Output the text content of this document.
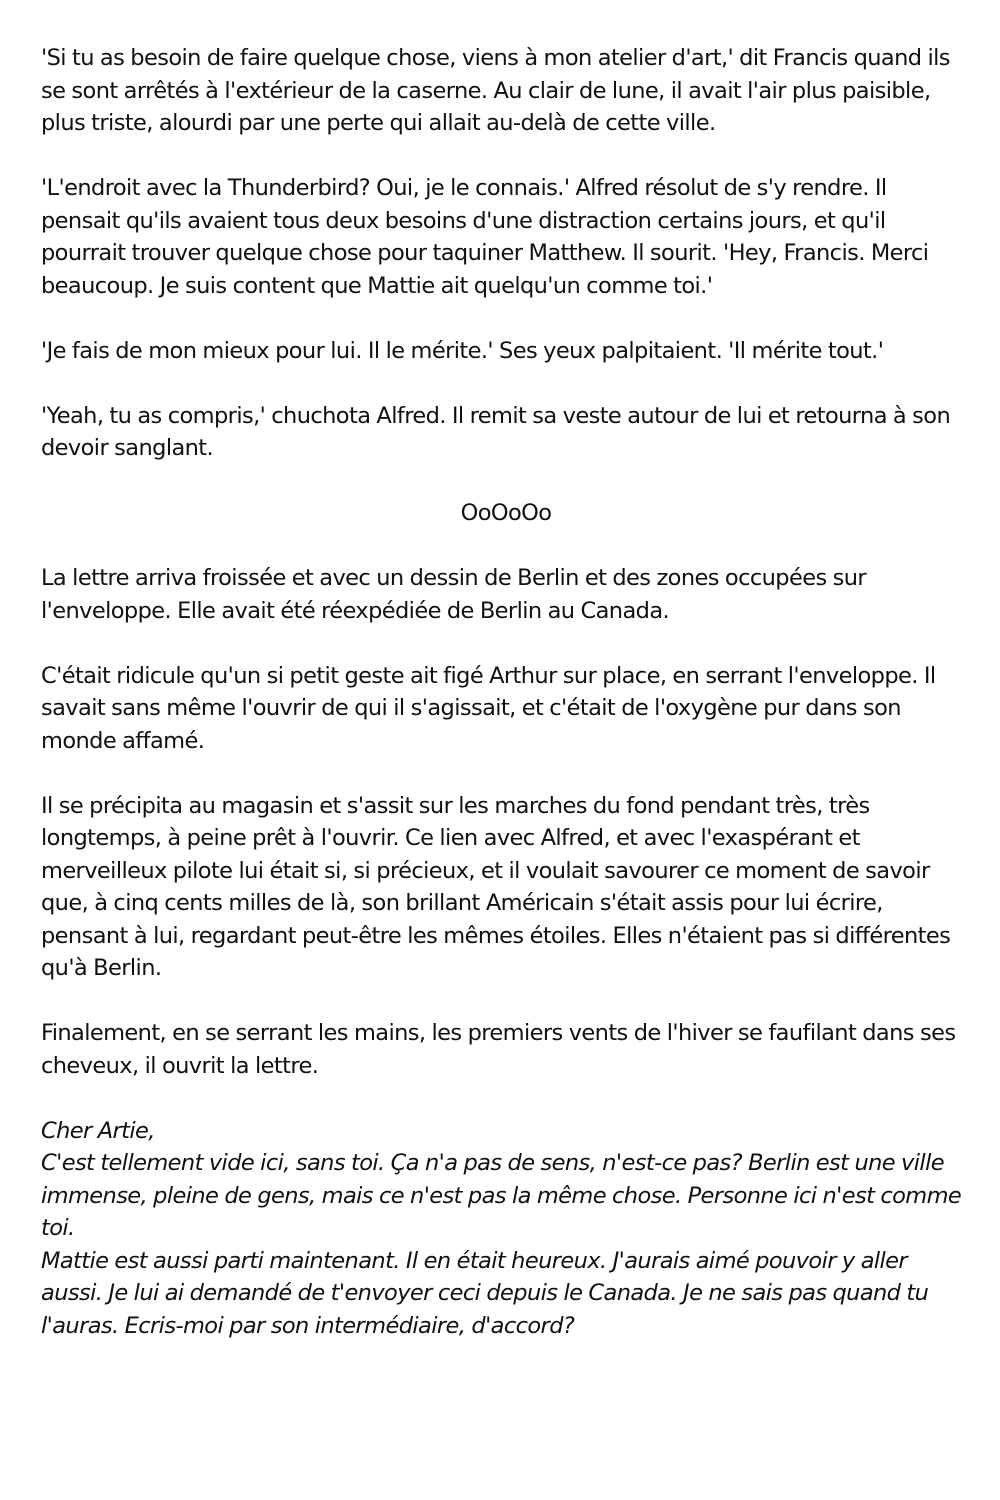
'Si tu as besoin de faire quelque chose, viens à mon atelier d'art,' dit Francis quand ils se sont arrêtés à l'extérieur de la caserne. Au clair de lune, il avait l'air plus paisible, plus triste, alourdi par une perte qui allait au-delà de cette ville.

'L'endroit avec la Thunderbird? Oui, je le connais.' Alfred résolut de s'y rendre. Il pensait qu'ils avaient tous deux besoins d'une distraction certains jours, et qu'il pourrait trouver quelque chose pour taquiner Matthew. Il sourit. 'Hey, Francis. Merci beaucoup. Je suis content que Mattie ait quelqu'un comme toi.'

'Je fais de mon mieux pour lui. Il le mérite.' Ses yeux palpitaient. 'Il mérite tout.'

'Yeah, tu as compris,' chuchota Alfred. Il remit sa veste autour de lui et retourna à son devoir sanglant.

OoOoOo

La lettre arriva froissée et avec un dessin de Berlin et des zones occupées sur l'enveloppe. Elle avait été réexpédiée de Berlin au Canada.

C'était ridicule qu'un si petit geste ait figé Arthur sur place, en serrant l'enveloppe. Il savait sans même l'ouvrir de qui il s'agissait, et c'était de l'oxygène pur dans son monde affamé.

Il se précipita au magasin et s'assit sur les marches du fond pendant très, très longtemps, à peine prêt à l'ouvrir. Ce lien avec Alfred, et avec l'exaspérant et merveilleux pilote lui était si, si précieux, et il voulait savourer ce moment de savoir que, à cinq cents milles de là, son brillant Américain s'était assis pour lui écrire, pensant à lui, regardant peut-être les mêmes étoiles. Elles n'étaient pas si différentes qu'à Berlin.

Finalement, en se serrant les mains, les premiers vents de l'hiver se faufilant dans ses cheveux, il ouvrit la lettre.

Cher Artie,

C'est tellement vide ici, sans toi. Ça n'a pas de sens, n'est-ce pas? Berlin est une ville immense, pleine de gens, mais ce n'est pas la même chose. Personne ici n'est comme toi.

Mattie est aussi parti maintenant. Il en était heureux. J'aurais aimé pouvoir y aller aussi. Je lui ai demandé de t'envoyer ceci depuis le Canada. Je ne sais pas quand tu l'auras. Ecris-moi par son intermédiaire, d'accord?
